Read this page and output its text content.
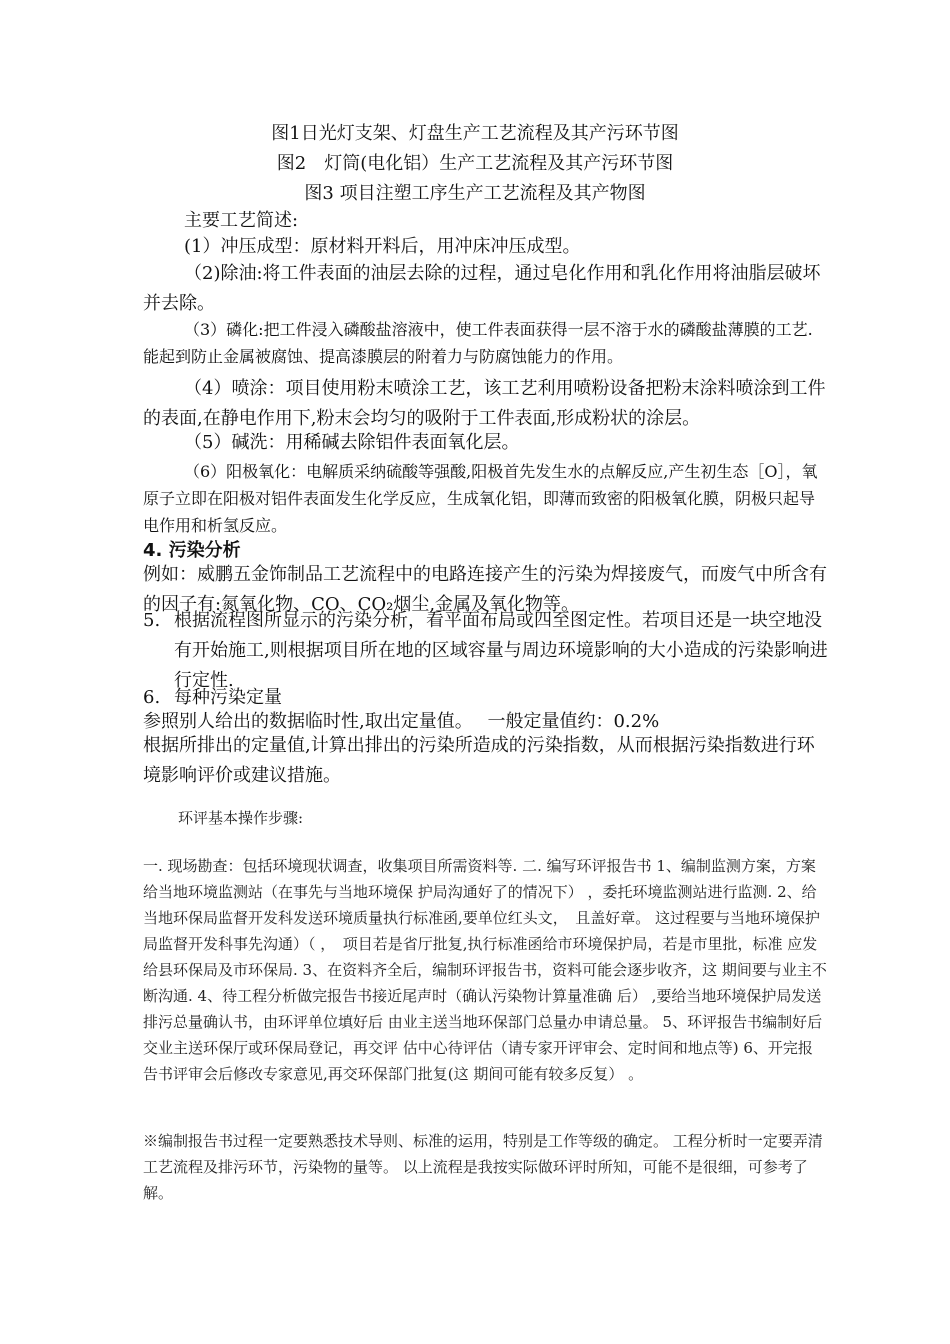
图1日光灯支架、灯盘生产工艺流程及其产污环节图
图2　灯筒(电化铝）生产工艺流程及其产污环节图
图3 项目注塑工序生产工艺流程及其产物图

主要工艺简述:

(1）冲压成型：原材料开料后，用冲床冲压成型。

（2)除油:将工件表面的油层去除的过程，通过皂化作用和乳化作用将油脂层破坏并去除。

（3）磷化:把工件浸入磷酸盐溶液中，使工件表面获得一层不溶于水的磷酸盐薄膜的工艺.能起到防止金属被腐蚀、提高漆膜层的附着力与防腐蚀能力的作用。

（4）喷涂：项目使用粉末喷涂工艺，该工艺利用喷粉设备把粉末涂料喷涂到工件的表面,在静电作用下,粉末会均匀的吸附于工件表面,形成粉状的涂层。

（5）碱洗：用稀碱去除铝件表面氧化层。

（6）阳极氧化：电解质采纳硫酸等强酸,阳极首先发生水的点解反应,产生初生态［O］，氧原子立即在阳极对铝件表面发生化学反应，生成氧化铝，即薄而致密的阳极氧化膜，阴极只起导电作用和析氢反应。

4. 污染分析

例如：威鹏五金饰制品工艺流程中的电路连接产生的污染为焊接废气，而废气中所含有的因子有:氮氧化物、CO、CO₂烟尘,金属及氧化物等。

5. 根据流程图所显示的污染分析，看平面布局或四至图定性。若项目还是一块空地没有开始施工,则根据项目所在地的区域容量与周边环境影响的大小造成的污染影响进行定性.

6. 每种污染定量

参照别人给出的数据临时性,取出定量值。　 一般定量值约：0.2%

根据所排出的定量值,计算出排出的污染所造成的污染指数，从而根据污染指数进行环境影响评价或建议措施。

环评基本操作步骤:

一. 现场勘查：包括环境现状调查，收集项目所需资料等. 二. 编写环评报告书 1、编制监测方案，方案给当地环境监测站（在事先与当地环境保 护局沟通好了的情况下） ，委托环境监测站进行监测. 2、给当地环保局监督开发科发送环境质量执行标准函,要单位红头文，　且盖好章。 这过程要与当地环境保护局监督开发科事先沟通）（ ，　项目若是省厅批复,执行标准函给市环境保护局，若是市里批，标准 应发给县环保局及市环保局. 3、在资料齐全后，编制环评报告书，资料可能会逐步收齐，这 期间要与业主不断沟通. 4、待工程分析做完报告书接近尾声时（确认污染物计算量准确 后） ,要给当地环境保护局发送排污总量确认书，由环评单位填好后 由业主送当地环保部门总量办申请总量。 5、环评报告书编制好后交业主送环保厅或环保局登记，再交评 估中心待评估（请专家开评审会、定时间和地点等) 6、开完报告书评审会后修改专家意见,再交环保部门批复(这 期间可能有较多反复） 。

※编制报告书过程一定要熟悉技术导则、标准的运用，特别是工作等级的确定。 工程分析时一定要弄清工艺流程及排污环节，污染物的量等。 以上流程是我按实际做环评时所知，可能不是很细，可参考了解。
